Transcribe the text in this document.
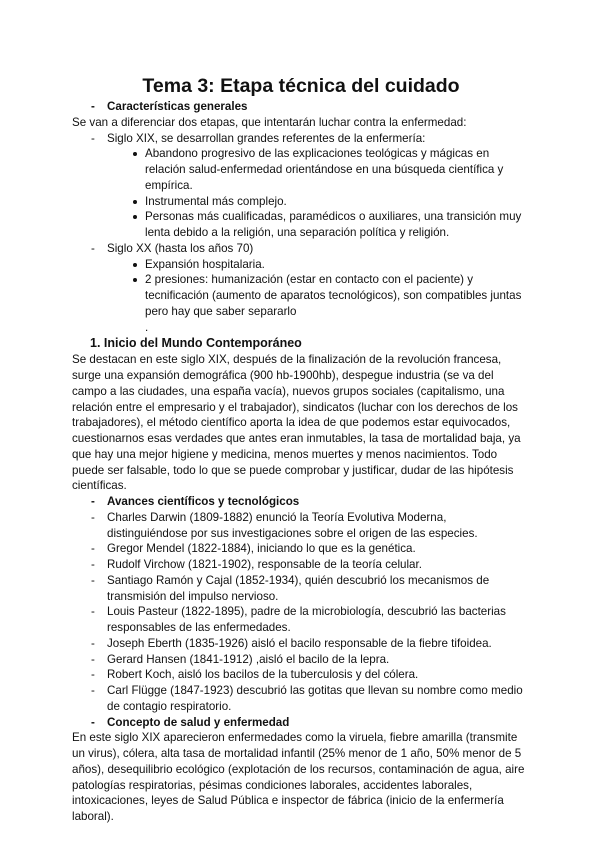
Tema 3: Etapa técnica del cuidado

- Características generales

Se van a diferenciar dos etapas, que intentarán luchar contra la enfermedad:

- Siglo XIX, se desarrollan grandes referentes de la enfermería:

Abandono progresivo de las explicaciones teológicas y mágicas en relación salud-enfermedad orientándose en una búsqueda científica y empírica.

Instrumental más complejo.

Personas más cualificadas, paramédicos o auxiliares, una transición muy lenta debido a la religión, una separación política y religión.

- Siglo XX (hasta los años 70)

Expansión hospitalaria.

2 presiones: humanización (estar en contacto con el paciente) y tecnificación (aumento de aparatos tecnológicos), son compatibles juntas pero hay que saber separarlo

.

1. Inicio del Mundo Contemporáneo

Se destacan en este siglo XIX, después de la finalización de la revolución francesa, surge una expansión demográfica (900 hb-1900hb), despegue industria (se va del campo a las ciudades, una españa vacía), nuevos grupos sociales (capitalismo, una relación entre el empresario y el trabajador), sindicatos (luchar con los derechos de los trabajadores), el método científico aporta la idea de que podemos estar equivocados, cuestionarnos esas verdades que antes eran inmutables, la tasa de mortalidad baja, ya que hay una mejor higiene y medicina, menos muertes y menos nacimientos. Todo puede ser falsable, todo lo que se puede comprobar y justificar, dudar de las hipótesis científicas.

- Avances científicos y tecnológicos

- Charles Darwin (1809-1882) enunció la Teoría Evolutiva Moderna, distinguiéndose por sus investigaciones sobre el origen de las especies.

- Gregor Mendel (1822-1884), iniciando lo que es la genética.

- Rudolf Virchow (1821-1902), responsable de la teoría celular.

- Santiago Ramón y Cajal (1852-1934), quién descubrió los mecanismos de transmisión del impulso nervioso.

- Louis Pasteur (1822-1895), padre de la microbiología, descubrió las bacterias responsables de las enfermedades.

- Joseph Eberth (1835-1926) aisló el bacilo responsable de la fiebre tifoidea.

- Gerard Hansen (1841-1912) ,aisló el bacilo de la lepra.

- Robert Koch, aisló los bacilos de la tuberculosis y del cólera.

- Carl Flügge (1847-1923) descubrió las gotitas que llevan su nombre como medio de contagio respiratorio.

- Concepto de salud y enfermedad

En este siglo XIX aparecieron enfermedades como la viruela, fiebre amarilla (transmite un virus), cólera, alta tasa de mortalidad infantil (25% menor de 1 año, 50% menor de 5 años), desequilibrio ecológico (explotación de los recursos, contaminación de agua, aire patologías respiratorias, pésimas condiciones laborales, accidentes laborales, intoxicaciones, leyes de Salud Pública e inspector de fábrica (inicio de la enfermería laboral).
